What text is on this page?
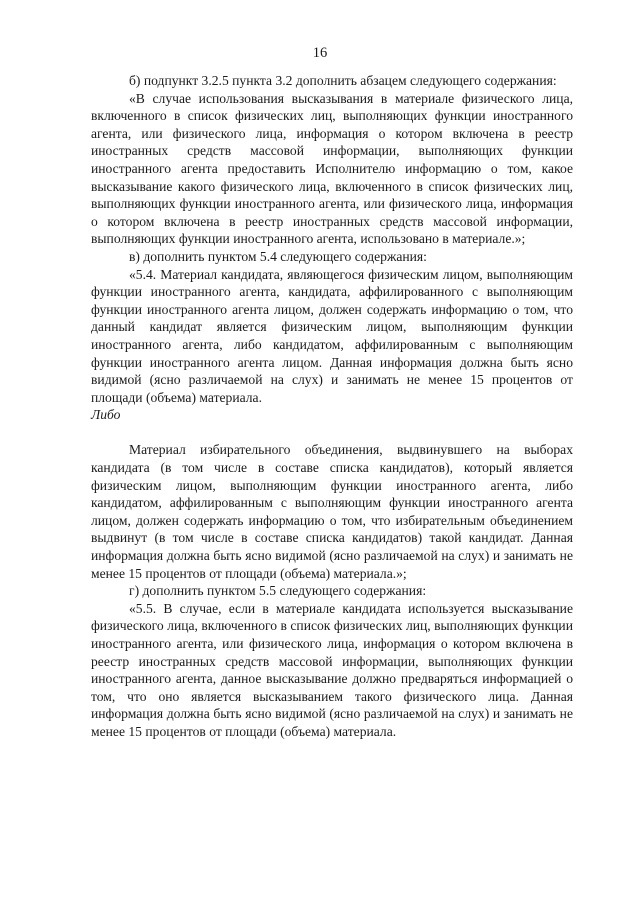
16

б) подпункт 3.2.5 пункта 3.2 дополнить абзацем следующего содержания:

«В случае использования высказывания в материале физического лица, включенного в список физических лиц, выполняющих функции иностранного агента, или физического лица, информация о котором включена в реестр иностранных средств массовой информации, выполняющих функции иностранного агента предоставить Исполнителю информацию о том, какое высказывание какого физического лица, включенного в список физических лиц, выполняющих функции иностранного агента, или физического лица, информация о котором включена в реестр иностранных средств массовой информации, выполняющих функции иностранного агента, использовано в материале.»;

в) дополнить пунктом 5.4 следующего содержания:

«5.4. Материал кандидата, являющегося физическим лицом, выполняющим функции иностранного агента, кандидата, аффилированного с выполняющим функции иностранного агента лицом, должен содержать информацию о том, что данный кандидат является физическим лицом, выполняющим функции иностранного агента, либо кандидатом, аффилированным с выполняющим функции иностранного агента лицом. Данная информация должна быть ясно видимой (ясно различаемой на слух) и занимать не менее 15 процентов от площади (объема) материала.

Либо

Материал избирательного объединения, выдвинувшего на выборах кандидата (в том числе в составе списка кандидатов), который является физическим лицом, выполняющим функции иностранного агента, либо кандидатом, аффилированным с выполняющим функции иностранного агента лицом, должен содержать информацию о том, что избирательным объединением выдвинут (в том числе в составе списка кандидатов) такой кандидат. Данная информация должна быть ясно видимой (ясно различаемой на слух) и занимать не менее 15 процентов от площади (объема) материала.»;

г) дополнить пунктом 5.5 следующего содержания:

«5.5. В случае, если в материале кандидата используется высказывание физического лица, включенного в список физических лиц, выполняющих функции иностранного агента, или физического лица, информация о котором включена в реестр иностранных средств массовой информации, выполняющих функции иностранного агента, данное высказывание должно предваряться информацией о том, что оно является высказыванием такого физического лица. Данная информация должна быть ясно видимой (ясно различаемой на слух) и занимать не менее 15 процентов от площади (объема) материала.
